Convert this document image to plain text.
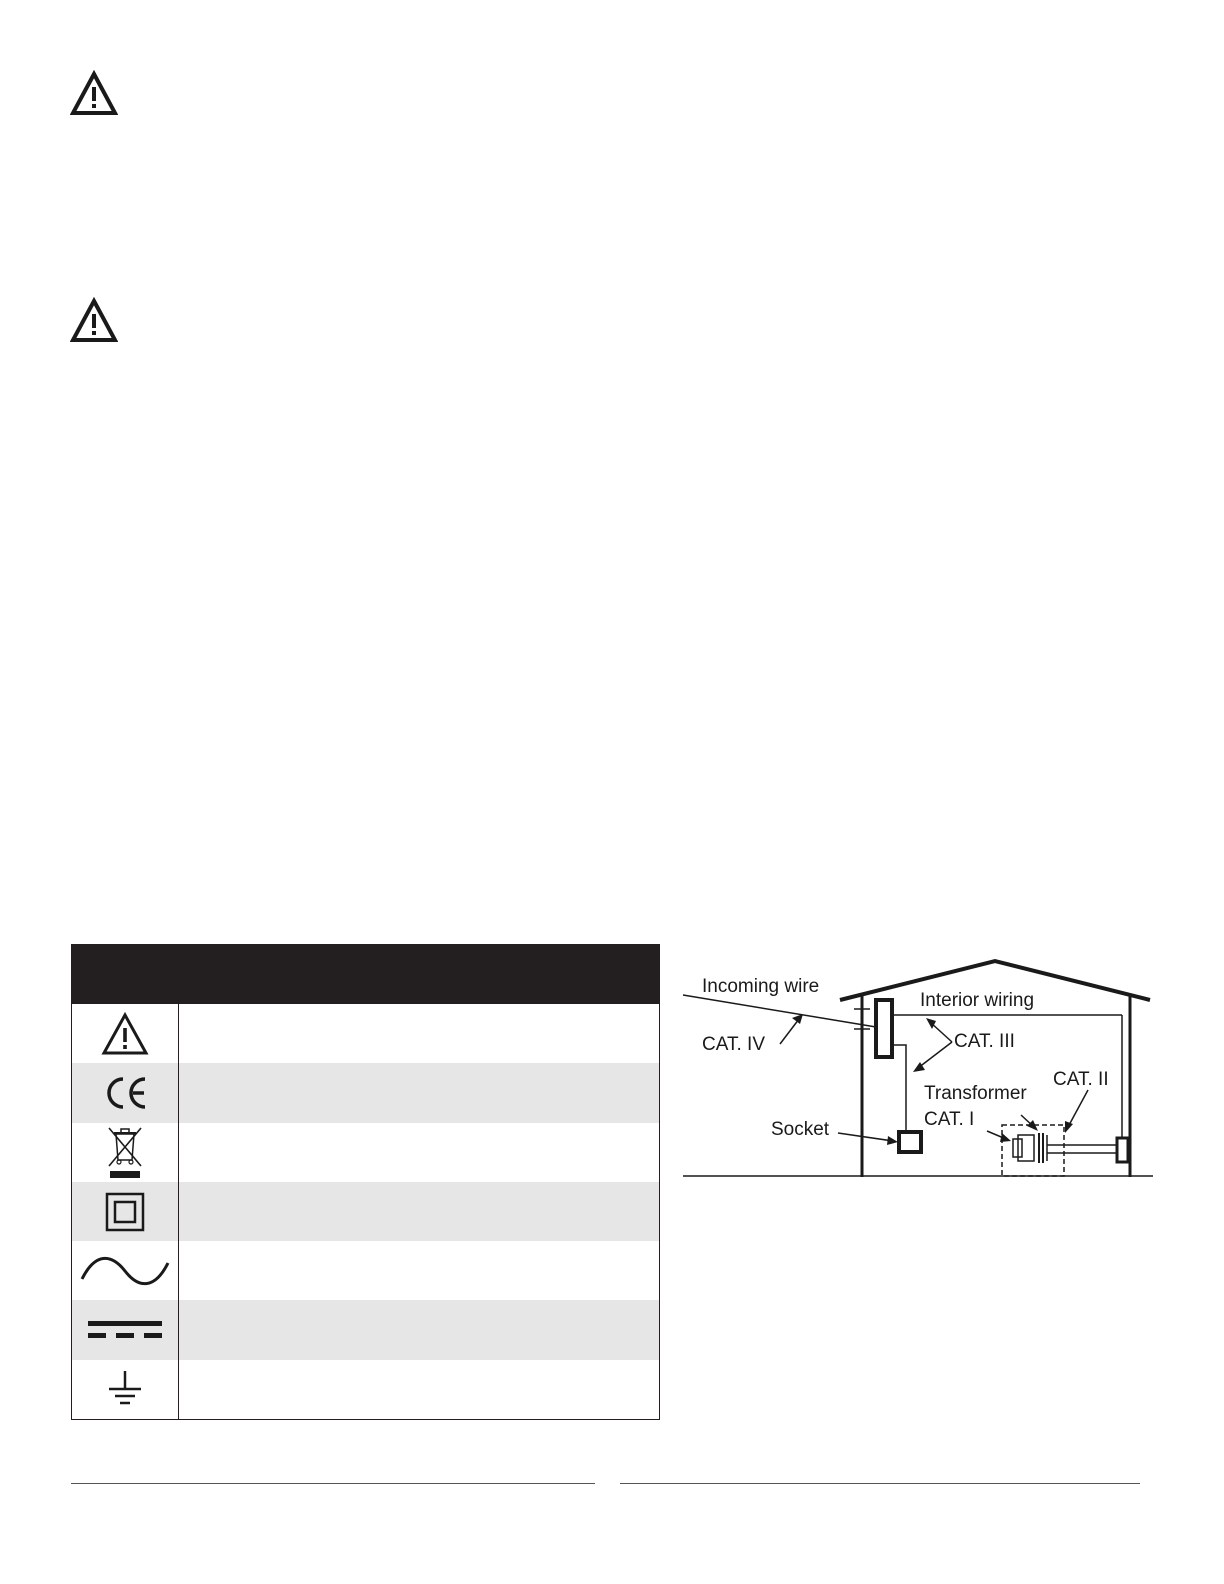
Incoming wire
Interior wiring
CAT. IV	CAT. III
Transformer
CAT. II
CAT. I
Socket
